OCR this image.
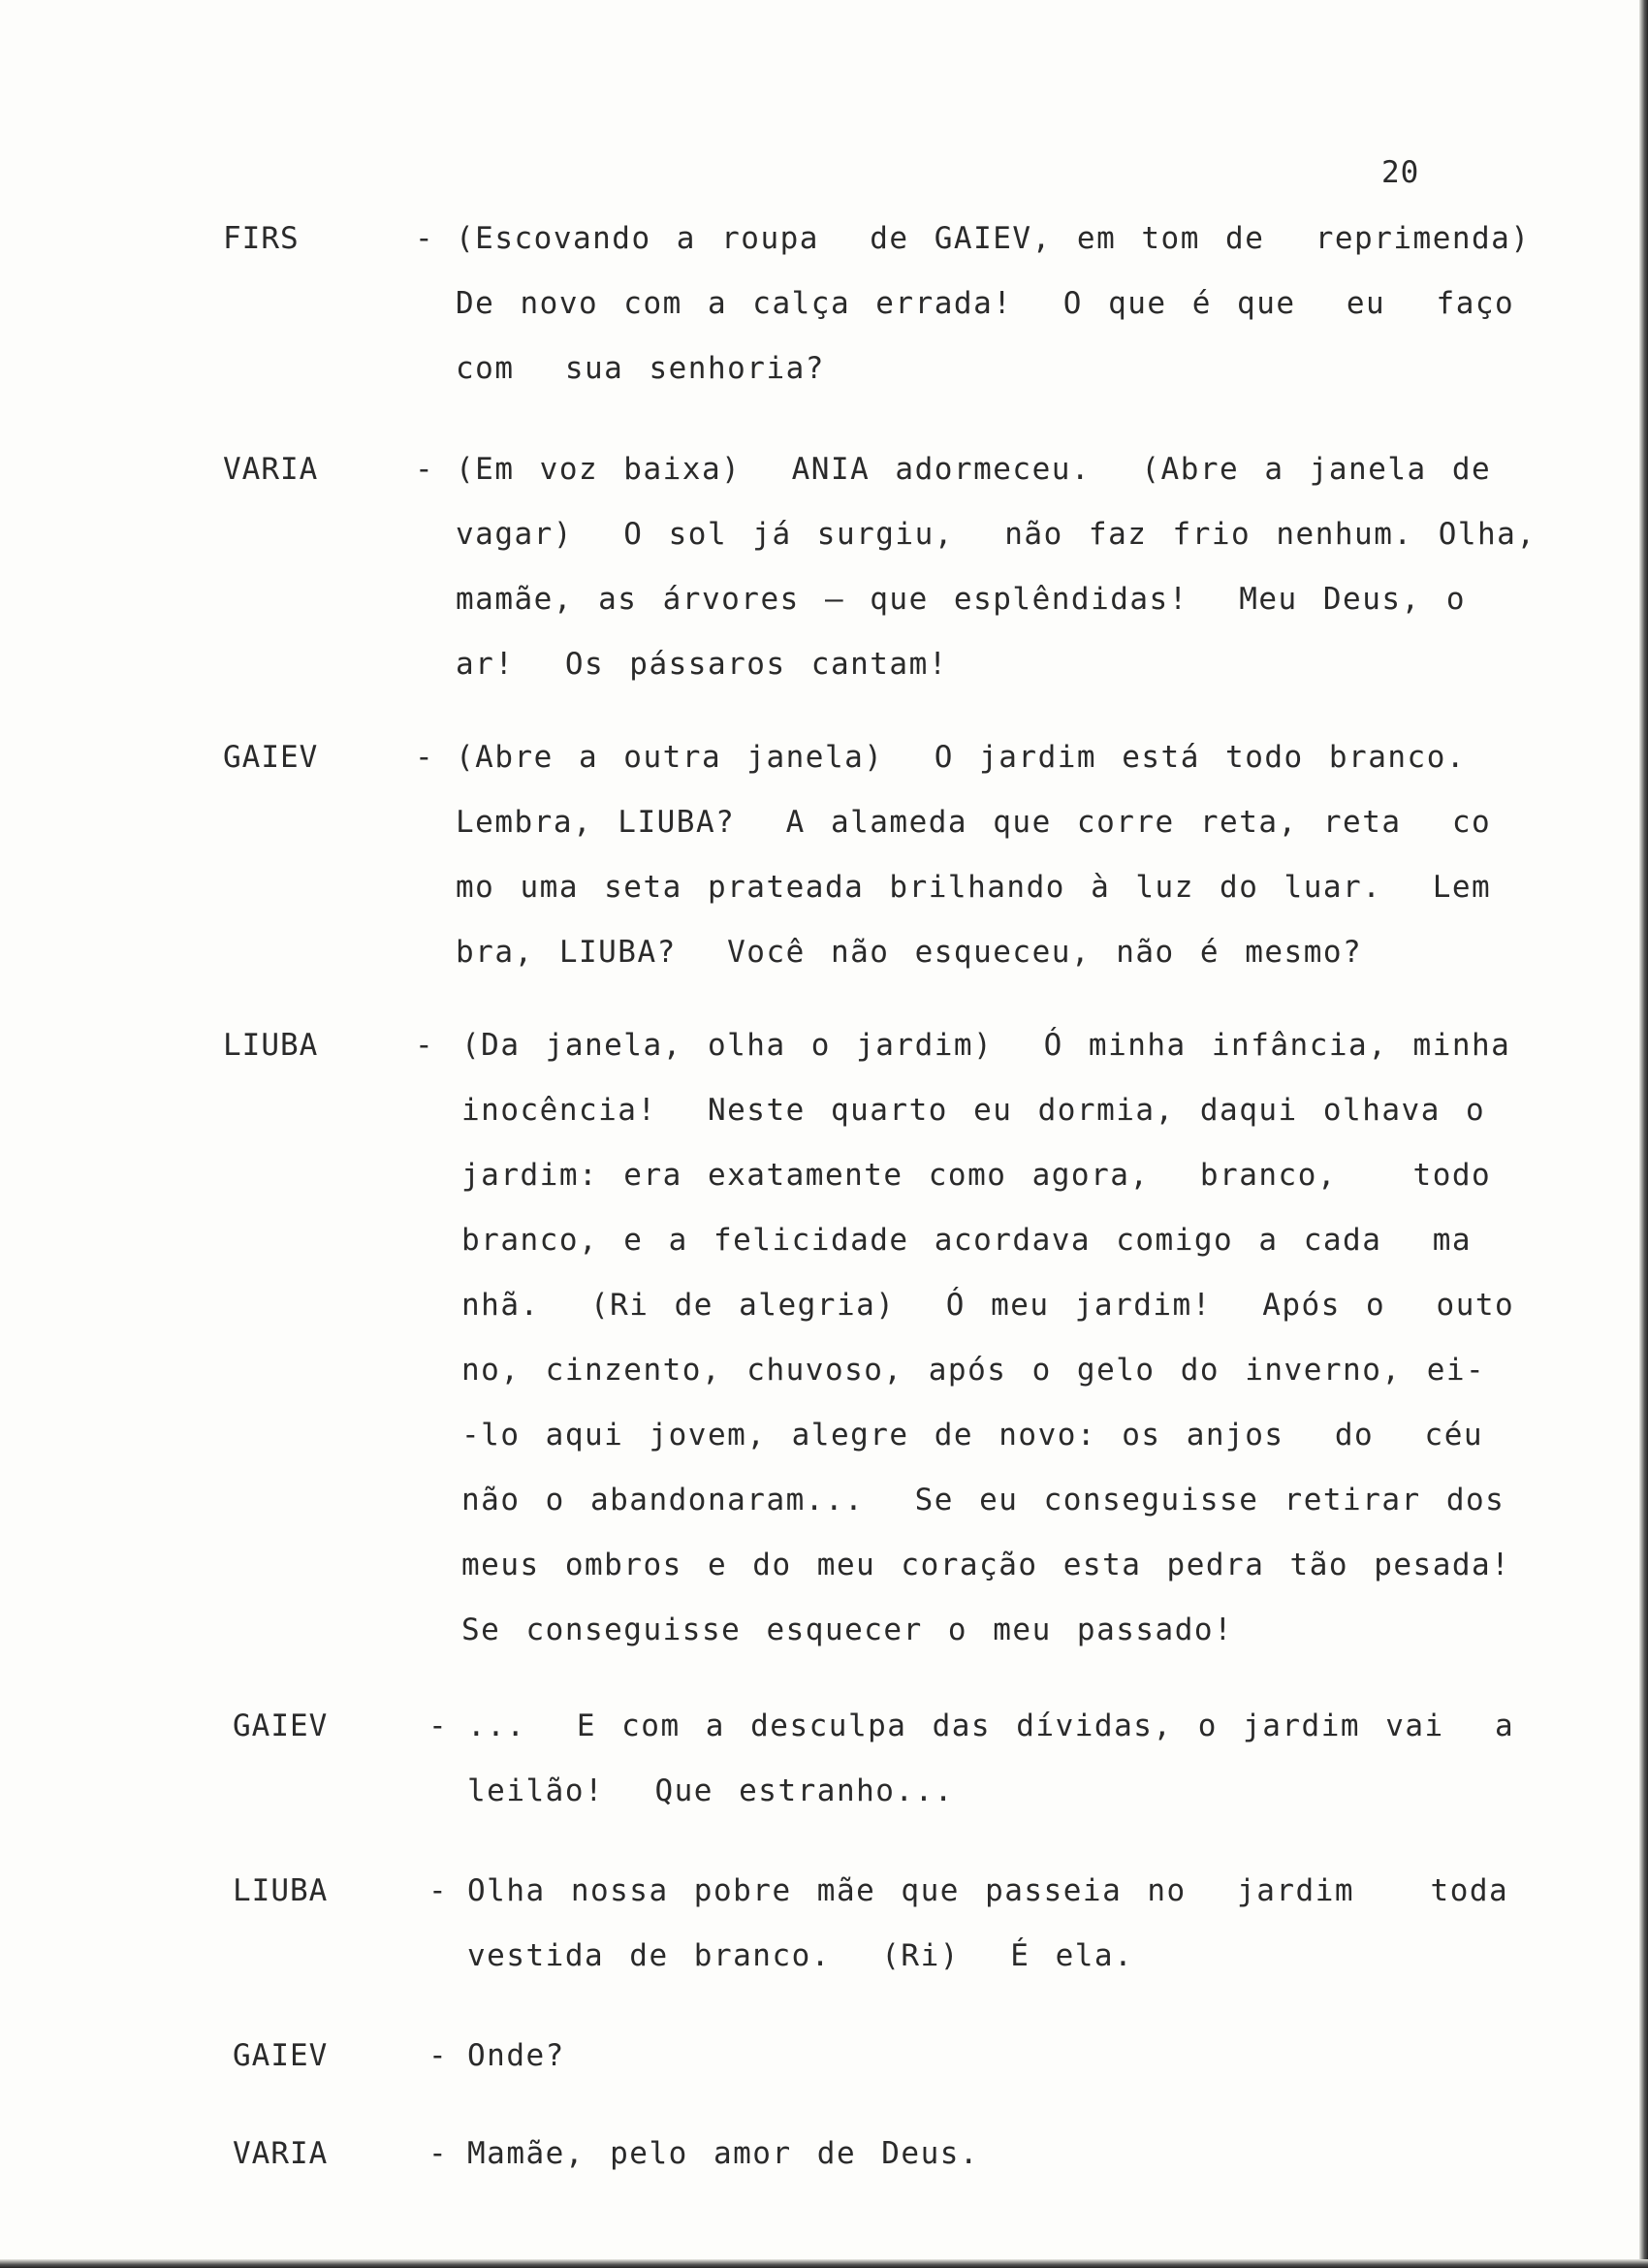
20
FIRS	- (Escovando a roupa  de GAIEV, em tom de  reprimenda)
De novo com a calça errada!  O que é que  eu  faço
com  sua senhoria?
VARIA	- (Em voz baixa)  ANIA adormeceu.  (Abre a janela de
vagar)  O sol já surgiu,  não faz frio nenhum. Olha,
mamãe, as árvores — que esplêndidas!  Meu Deus, o
ar!  Os pássaros cantam!
GAIEV	- (Abre a outra janela)  O jardim está todo branco.
Lembra, LIUBA?  A alameda que corre reta, reta  co
mo uma seta prateada brilhando à luz do luar.  Lem
bra, LIUBA?  Você não esqueceu, não é mesmo?
LIUBA	- (Da janela, olha o jardim)  Ó minha infância, minha
inocência!  Neste quarto eu dormia, daqui olhava o
jardim: era exatamente como agora,  branco,   todo
branco, e a felicidade acordava comigo a cada  ma
nhã.  (Ri de alegria)  Ó meu jardim!  Após o  outo
no, cinzento, chuvoso, após o gelo do inverno, ei-
-lo aqui jovem, alegre de novo: os anjos  do  céu
não o abandonaram...  Se eu conseguisse retirar dos
meus ombros e do meu coração esta pedra tão pesada!
Se conseguisse esquecer o meu passado!
GAIEV	- ...  E com a desculpa das dívidas, o jardim vai  a
leilão!  Que estranho...
LIUBA	- Olha nossa pobre mãe que passeia no  jardim   toda
vestida de branco.  (Ri)  É ela.
GAIEV	- Onde?
VARIA	- Mamãe, pelo amor de Deus.
